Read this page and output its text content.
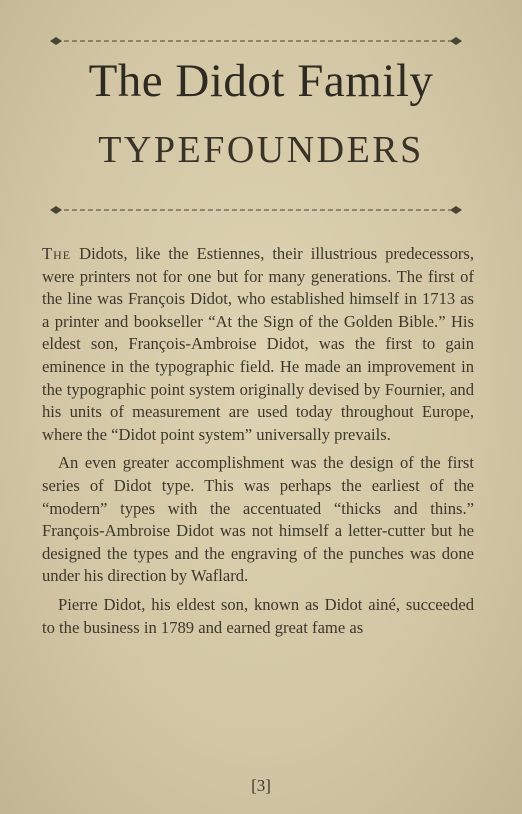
The Didot Family
TYPEFOUNDERS

The Didots, like the Estiennes, their illustrious predecessors, were printers not for one but for many generations. The first of the line was François Didot, who established himself in 1713 as a printer and bookseller “At the Sign of the Golden Bible.” His eldest son, François-Ambroise Didot, was the first to gain eminence in the typographic field. He made an improvement in the typographic point system originally devised by Fournier, and his units of measurement are used today throughout Europe, where the “Didot point system” universally prevails.

An even greater accomplishment was the design of the first series of Didot type. This was perhaps the earliest of the “modern” types with the accentuated “thicks and thins.” François-Ambroise Didot was not himself a letter-cutter but he designed the types and the engraving of the punches was done under his direction by Waflard.

Pierre Didot, his eldest son, known as Didot ainé, succeeded to the business in 1789 and earned great fame as

[3]
